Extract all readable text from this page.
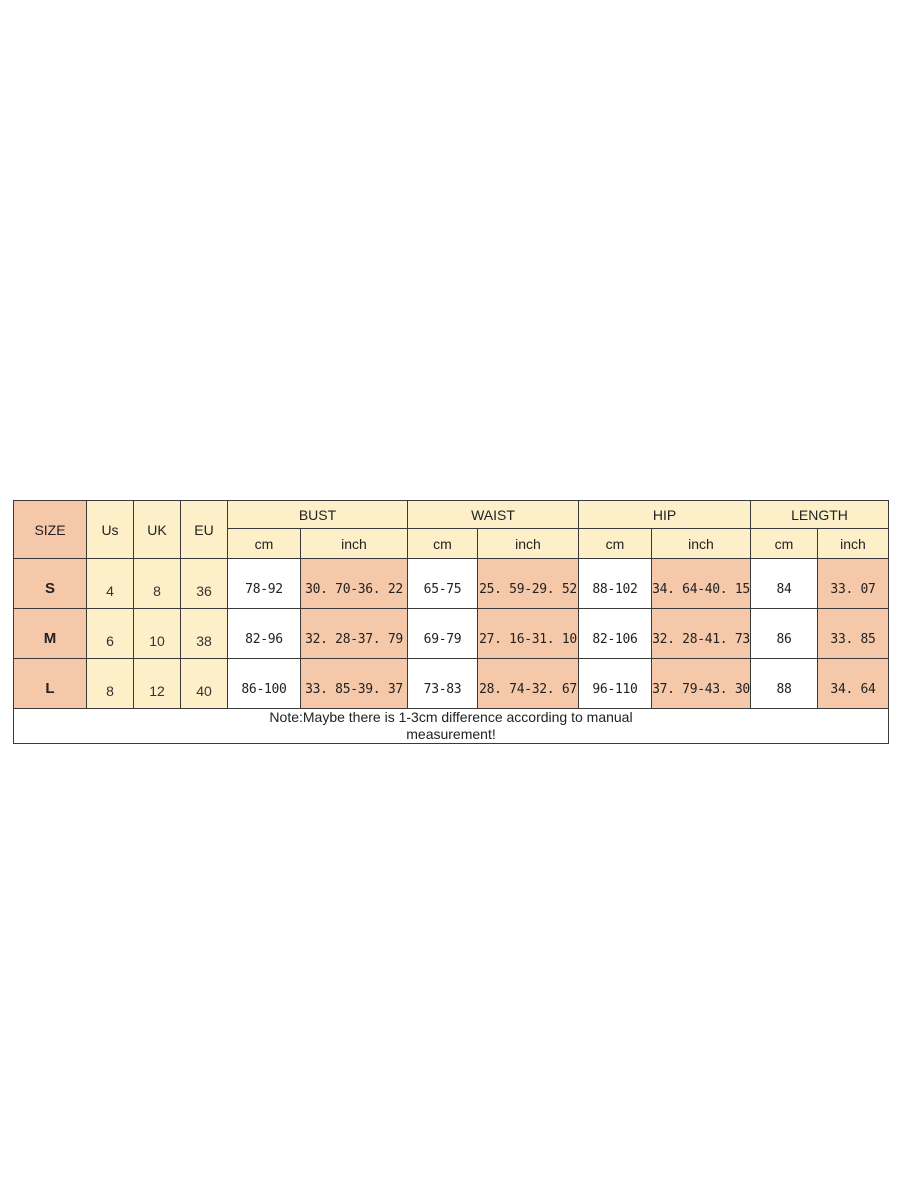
SIZE	Us	UK	EU	BUST		WAIST		HIP		LENGTH	
				cm	inch	cm	inch	cm	inch	cm	inch
S	4	8	36	78-92	30. 70-36. 22	65-75	25. 59-29. 52	88-102	34. 64-40. 15	84	33. 07
M	6	10	38	82-96	32. 28-37. 79	69-79	27. 16-31. 10	82-106	32. 28-41. 73	86	33. 85
L	8	12	40	86-100	33. 85-39. 37	73-83	28. 74-32. 67	96-110	37. 79-43. 30	88	34. 64
Note:Maybe there is 1-3cm difference according to manual measurement!											
